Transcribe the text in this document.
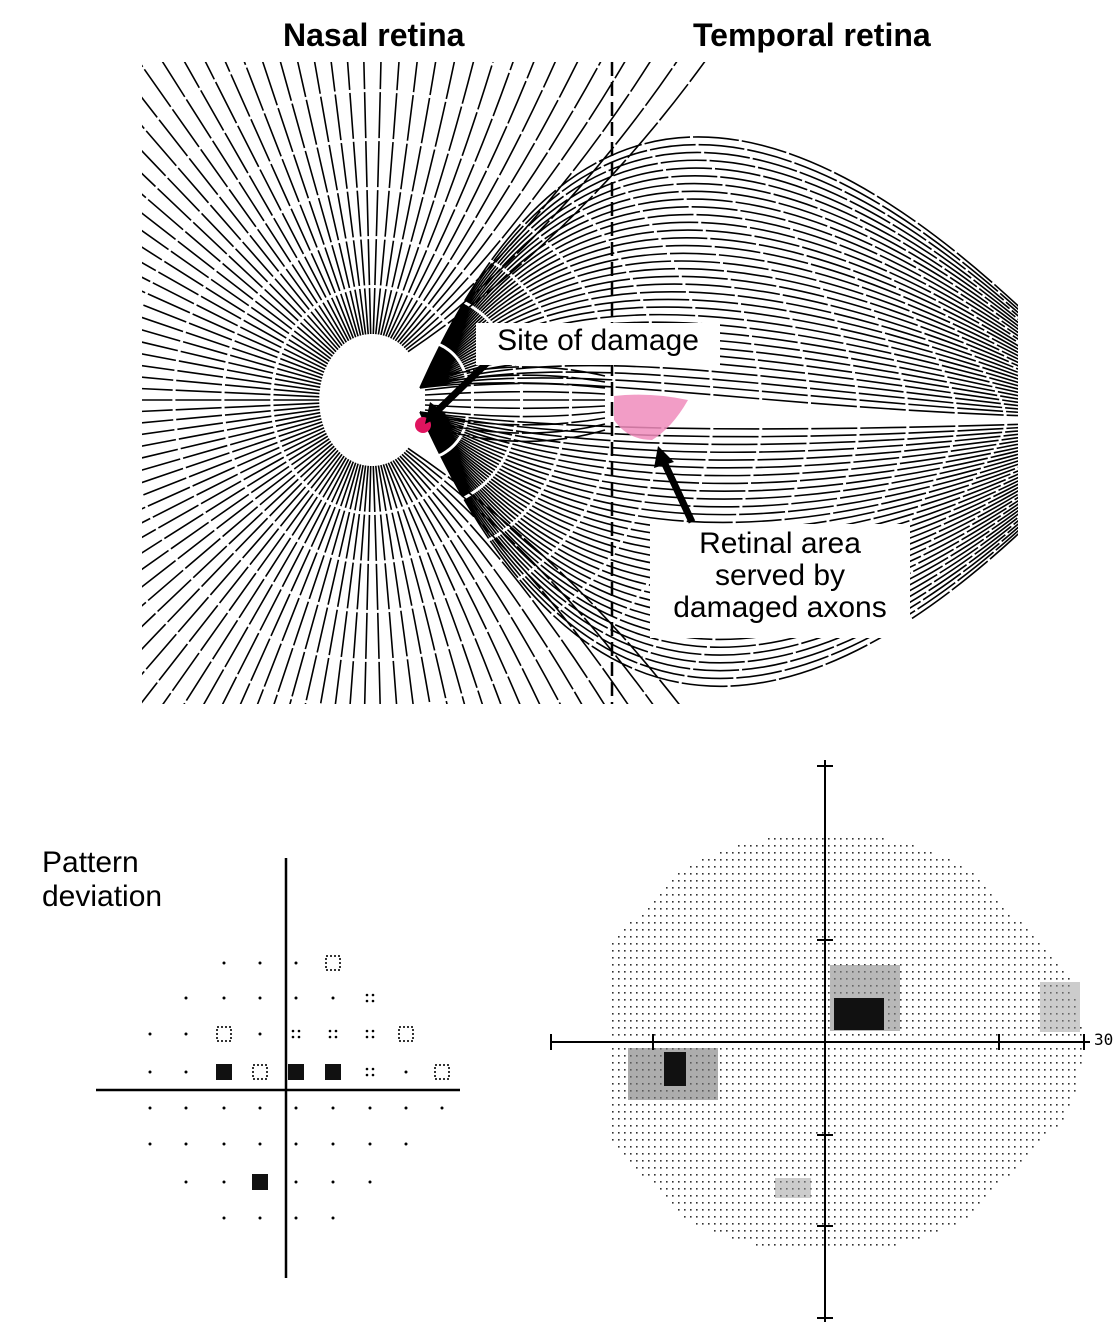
Nasal retina	Temporal retina
Site of damage
Retinal area
served by
damaged axons
Pattern
deviation
30
